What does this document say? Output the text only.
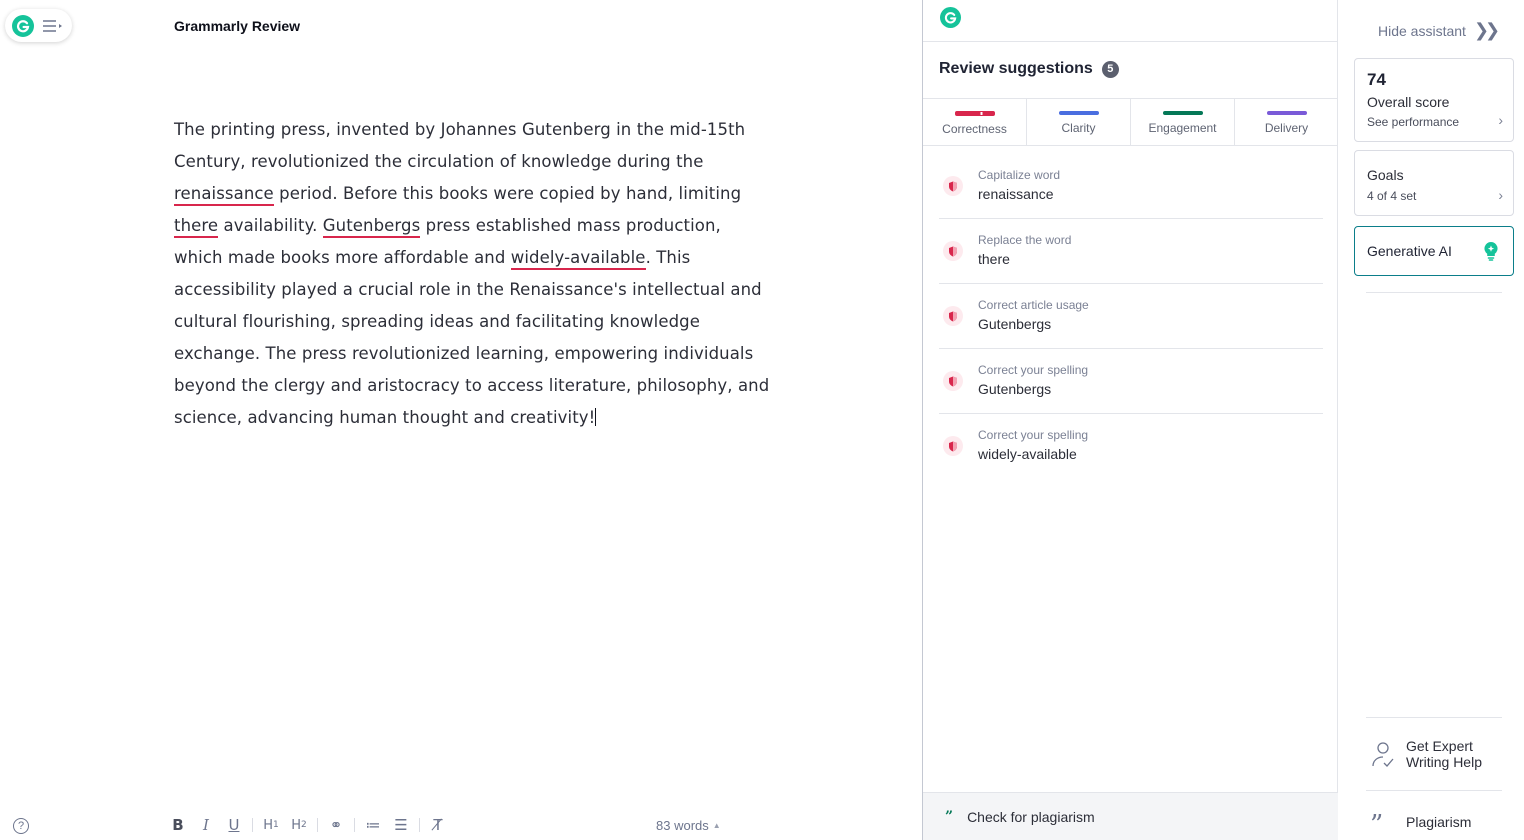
Grammarly Review
The printing press, invented by Johannes Gutenberg in the mid-15th Century, revolutionized the circulation of knowledge during the renaissance period. Before this books were copied by hand, limiting there availability. Gutenbergs press established mass production, which made books more affordable and widely-available. This accessibility played a crucial role in the Renaissance's intellectual and cultural flourishing, spreading ideas and facilitating knowledge exchange. The press revolutionized learning, empowering individuals beyond the clergy and aristocracy to access literature, philosophy, and science, advancing human thought and creativity!
?	B	I	U	H 1 H 2	⚭	≔ ☰	T̸	83 words ▲
Review suggestions	5
Correctness	Clarity	Engagement	Delivery
Capitalize word
renaissance
Replace the word
there
Correct article usage
Gutenbergs
Correct your spelling
Gutenbergs
Correct your spelling
widely-available
” Check for plagiarism
Hide assistant ❯❯
74
Overall score
See performance	›
Goals
4 of 4 set	›
Generative AI
Get Expert
Writing Help
” Plagiarism
